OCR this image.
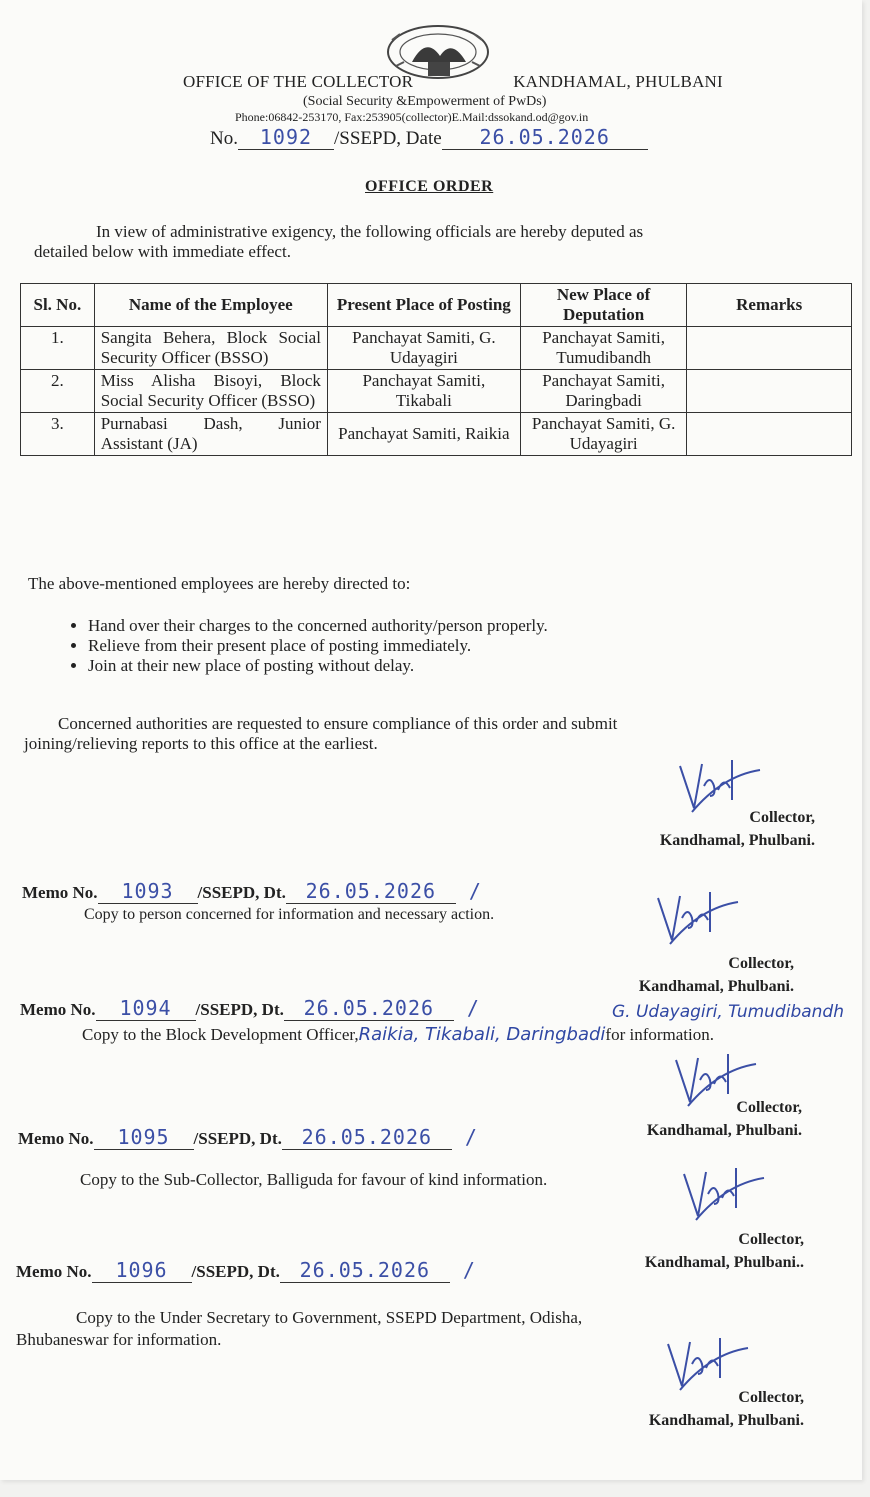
OFFICE OF THE COLLECTOR	KANDHAMAL, PHULBANI
(Social Security &Empowerment of PwDs)
Phone:06842-253170, Fax:253905(collector)E.Mail:dssokand.od@gov.in
No. 1092 /SSEPD, Date 26.05.2026
OFFICE ORDER
In view of administrative exigency, the following officials are hereby deputed as
detailed below with immediate effect.
Sl. No.	Name of the Employee	Present Place of Posting	New Place of Deputation	Remarks
1.	Sangita Behera, Block Social Security Officer (BSSO)	Panchayat Samiti, G. Udayagiri	Panchayat Samiti, Tumudibandh	
2.	Miss Alisha Bisoyi, Block Social Security Officer (BSSO)	Panchayat Samiti, Tikabali	Panchayat Samiti, Daringbadi	
3.	Purnabasi Dash, Junior Assistant (JA)	Panchayat Samiti, Raikia	Panchayat Samiti, G. Udayagiri	
The above-mentioned employees are hereby directed to:
• Hand over their charges to the concerned authority/person properly.
• Relieve from their present place of posting immediately.
• Join at their new place of posting without delay.
Concerned authorities are requested to ensure compliance of this order and submit
joining/relieving reports to this office at the earliest.
Collector,
Kandhamal, Phulbani.
Memo No. 1093 /SSEPD, Dt. 26.05.2026 /
Copy to person concerned for information and necessary action.
Collector,
Kandhamal, Phulbani.
Memo No. 1094 /SSEPD, Dt. 26.05.2026 /	G. Udayagiri, Tumudibandh
Copy to the Block Development Officer,Raikia, Tikabali, Daringbadifor information.
Collector,
Kandhamal, Phulbani.
Memo No. 1095 /SSEPD, Dt. 26.05.2026 /
Copy to the Sub-Collector, Balliguda for favour of kind information.
Collector,
Kandhamal, Phulbani..
Memo No. 1096 /SSEPD, Dt. 26.05.2026 /
Copy to the Under Secretary to Government, SSEPD Department, Odisha,
Bhubaneswar for information.
Collector,
Kandhamal, Phulbani.
